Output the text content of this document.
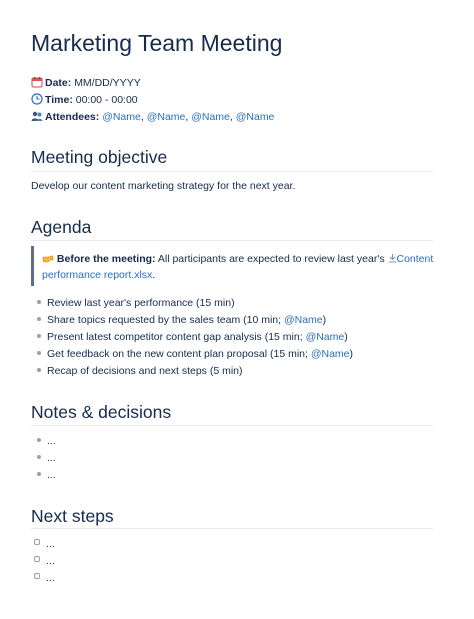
Marketing Team Meeting
Date: MM/DD/YYYY
Time: 00:00 - 00:00
Attendees: @Name, @Name, @Name, @Name
Meeting objective
Develop our content marketing strategy for the next year.
Agenda
Before the meeting: All participants are expected to review last year's Content
performance report.xlsx.
Review last year's performance (15 min)
Share topics requested by the sales team (10 min; @Name)
Present latest competitor content gap analysis (15 min; @Name)
Get feedback on the new content plan proposal (15 min; @Name)
Recap of decisions and next steps (5 min)
Notes & decisions
...
...
...
Next steps
...
...
...
